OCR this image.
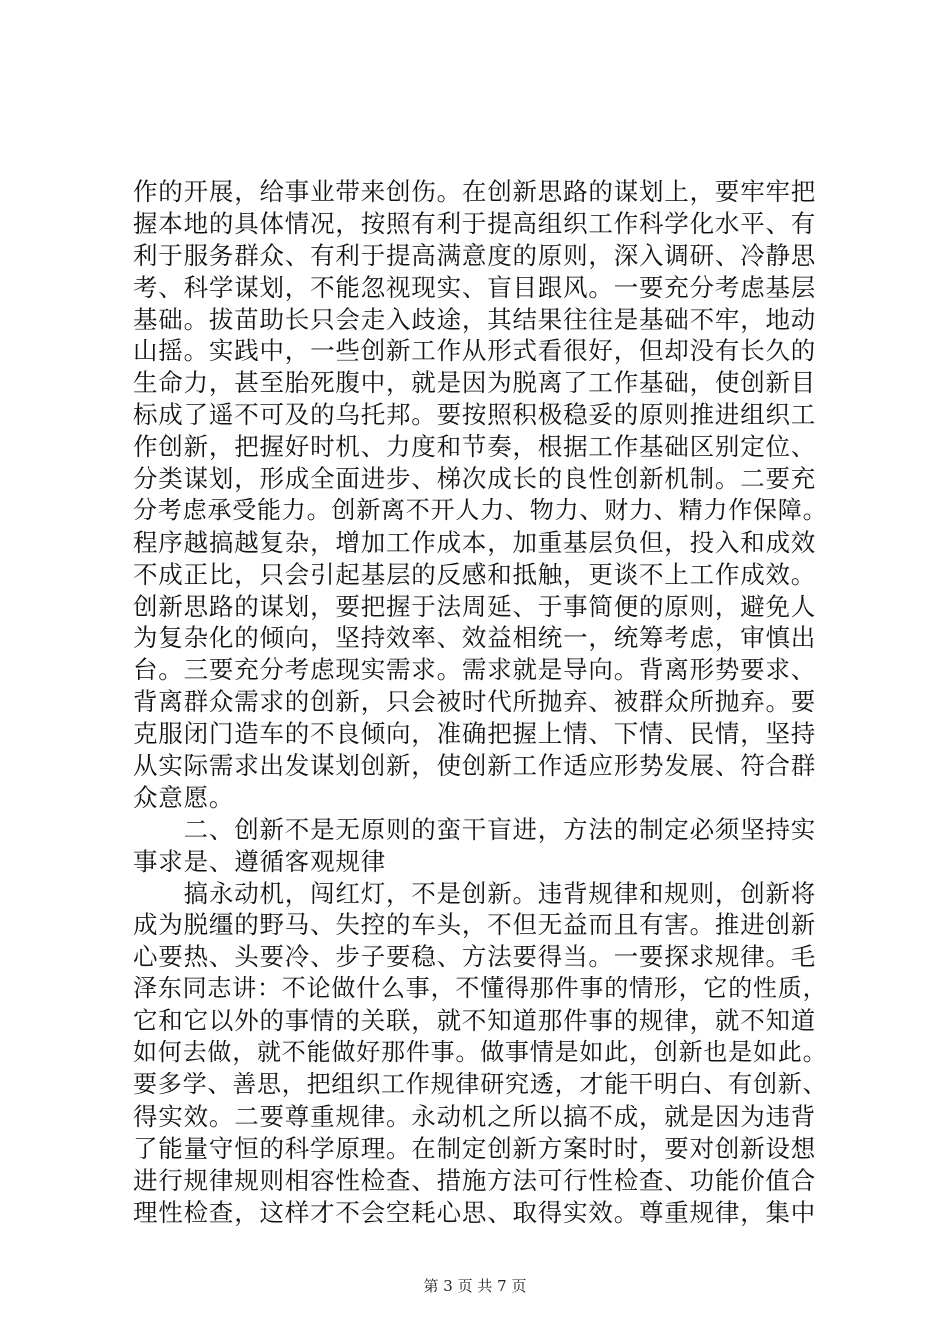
作的开展，给事业带来创伤。在创新思路的谋划上，要牢牢把
握本地的具体情况，按照有利于提高组织工作科学化水平、有
利于服务群众、有利于提高满意度的原则，深入调研、冷静思
考、科学谋划，不能忽视现实、盲目跟风。一要充分考虑基层
基础。拔苗助长只会走入歧途，其结果往往是基础不牢，地动
山摇。实践中，一些创新工作从形式看很好，但却没有长久的
生命力，甚至胎死腹中，就是因为脱离了工作基础，使创新目
标成了遥不可及的乌托邦。要按照积极稳妥的原则推进组织工
作创新，把握好时机、力度和节奏，根据工作基础区别定位、
分类谋划，形成全面进步、梯次成长的良性创新机制。二要充
分考虑承受能力。创新离不开人力、物力、财力、精力作保障。
程序越搞越复杂，增加工作成本，加重基层负但，投入和成效
不成正比，只会引起基层的反感和抵触，更谈不上工作成效。
创新思路的谋划，要把握于法周延、于事简便的原则，避免人
为复杂化的倾向，坚持效率、效益相统一，统筹考虑，审慎出
台。三要充分考虑现实需求。需求就是导向。背离形势要求、
背离群众需求的创新，只会被时代所抛弃、被群众所抛弃。要
克服闭门造车的不良倾向，准确把握上情、下情、民情，坚持
从实际需求出发谋划创新，使创新工作适应形势发展、符合群
众意愿。
　　二、创新不是无原则的蛮干盲进，方法的制定必须坚持实
事求是、遵循客观规律
　　搞永动机，闯红灯，不是创新。违背规律和规则，创新将
成为脱缰的野马、失控的车头，不但无益而且有害。推进创新
心要热、头要冷、步子要稳、方法要得当。一要探求规律。毛
泽东同志讲：不论做什么事，不懂得那件事的情形，它的性质，
它和它以外的事情的关联，就不知道那件事的规律，就不知道
如何去做，就不能做好那件事。做事情是如此，创新也是如此。
要多学、善思，把组织工作规律研究透，才能干明白、有创新、
得实效。二要尊重规律。永动机之所以搞不成，就是因为违背
了能量守恒的科学原理。在制定创新方案时时，要对创新设想
进行规律规则相容性检查、措施方法可行性检查、功能价值合
理性检查，这样才不会空耗心思、取得实效。尊重规律，集中
第 3 页 共 7 页
